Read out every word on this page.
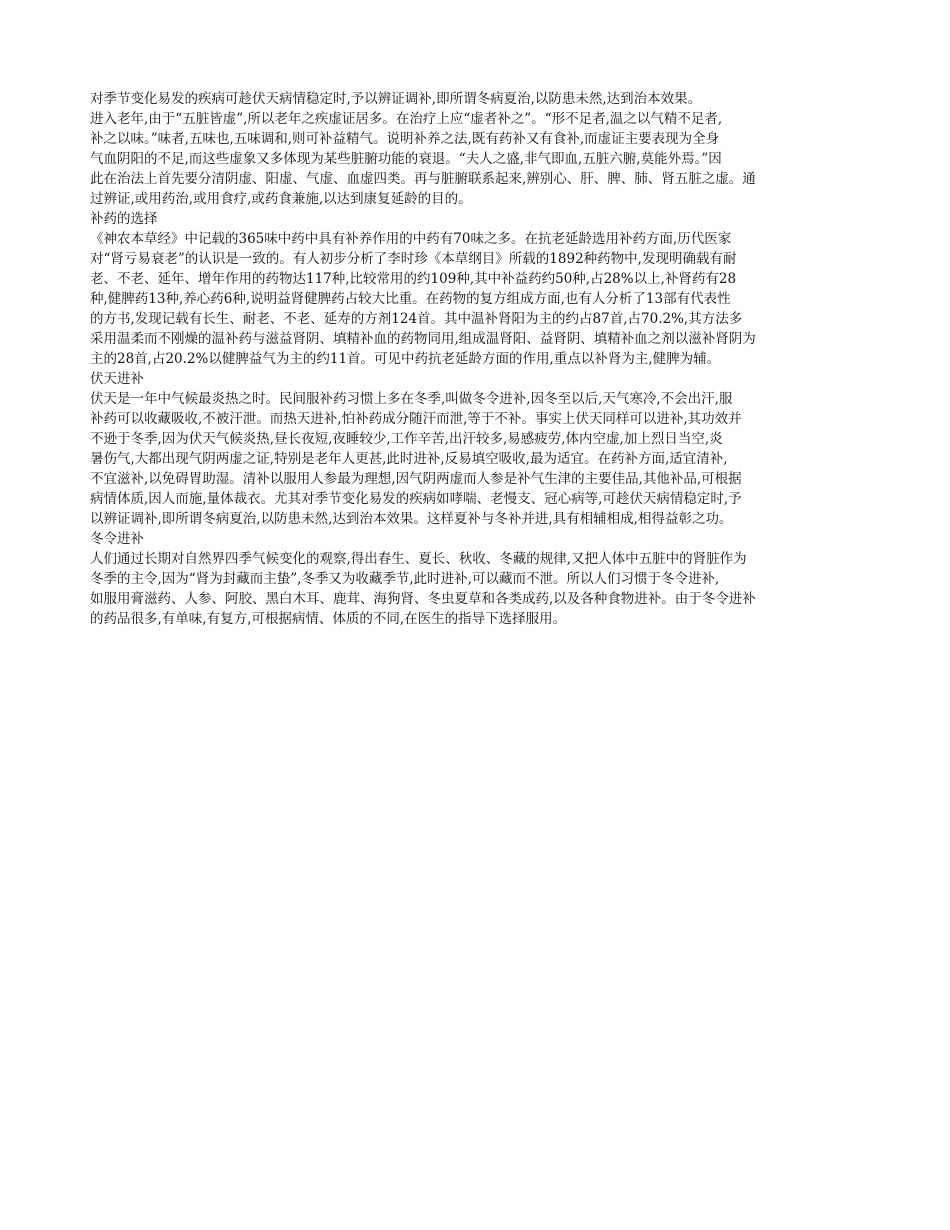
对季节变化易发的疾病可趁伏天病情稳定时,予以辨证调补,即所谓冬病夏治,以防患未然,达到治本效果。
进入老年,由于“五脏皆虚”,所以老年之疾虚证居多。在治疗上应“虚者补之”。“形不足者,温之以气精不足者,
补之以味。”味者,五味也,五味调和,则可补益精气。说明补养之法,既有药补又有食补,而虚证主要表现为全身
气血阴阳的不足,而这些虚象又多体现为某些脏腑功能的衰退。“夫人之盛,非气即血,五脏六腑,莫能外焉。”因
此在治法上首先要分清阴虚、阳虚、气虚、血虚四类。再与脏腑联系起来,辨别心、肝、脾、肺、肾五脏之虚。通
过辨证,或用药治,或用食疗,或药食兼施,以达到康复延龄的目的。
补药的选择
《神农本草经》中记载的365味中药中具有补养作用的中药有70味之多。在抗老延龄选用补药方面,历代医家
对“肾亏易衰老”的认识是一致的。有人初步分析了李时珍《本草纲目》所载的1892种药物中,发现明确载有耐
老、不老、延年、增年作用的药物达117种,比较常用的约109种,其中补益药约50种,占28%以上,补肾药有28
种,健脾药13种,养心药6种,说明益肾健脾药占较大比重。在药物的复方组成方面,也有人分析了13部有代表性
的方书,发现记载有长生、耐老、不老、延寿的方剂124首。其中温补肾阳为主的约占87首,占70.2%,其方法多
采用温柔而不刚燥的温补药与滋益肾阴、填精补血的药物同用,组成温肾阳、益肾阴、填精补血之剂以滋补肾阴为
主的28首,占20.2%以健脾益气为主的约11首。可见中药抗老延龄方面的作用,重点以补肾为主,健脾为辅。
伏天进补
伏天是一年中气候最炎热之时。民间服补药习惯上多在冬季,叫做冬令进补,因冬至以后,天气寒冷,不会出汗,服
补药可以收藏吸收,不被汗泄。而热天进补,怕补药成分随汗而泄,等于不补。事实上伏天同样可以进补,其功效并
不逊于冬季,因为伏天气候炎热,昼长夜短,夜睡较少,工作辛苦,出汗较多,易感疲劳,体内空虚,加上烈日当空,炎
暑伤气,大都出现气阴两虚之证,特别是老年人更甚,此时进补,反易填空吸收,最为适宜。在药补方面,适宜清补,
不宜滋补,以免碍胃助湿。清补以服用人参最为理想,因气阴两虚而人参是补气生津的主要佳品,其他补品,可根据
病情体质,因人而施,量体裁衣。尤其对季节变化易发的疾病如哮喘、老慢支、冠心病等,可趁伏天病情稳定时,予
以辨证调补,即所谓冬病夏治,以防患未然,达到治本效果。这样夏补与冬补并进,具有相辅相成,相得益彰之功。
冬令进补
人们通过长期对自然界四季气候变化的观察,得出春生、夏长、秋收、冬藏的规律,又把人体中五脏中的肾脏作为
冬季的主令,因为“肾为封藏而主蛰”,冬季又为收藏季节,此时进补,可以藏而不泄。所以人们习惯于冬令进补,
如服用膏滋药、人参、阿胶、黑白木耳、鹿茸、海狗肾、冬虫夏草和各类成药,以及各种食物进补。由于冬令进补
的药品很多,有单味,有复方,可根据病情、体质的不同,在医生的指导下选择服用。
